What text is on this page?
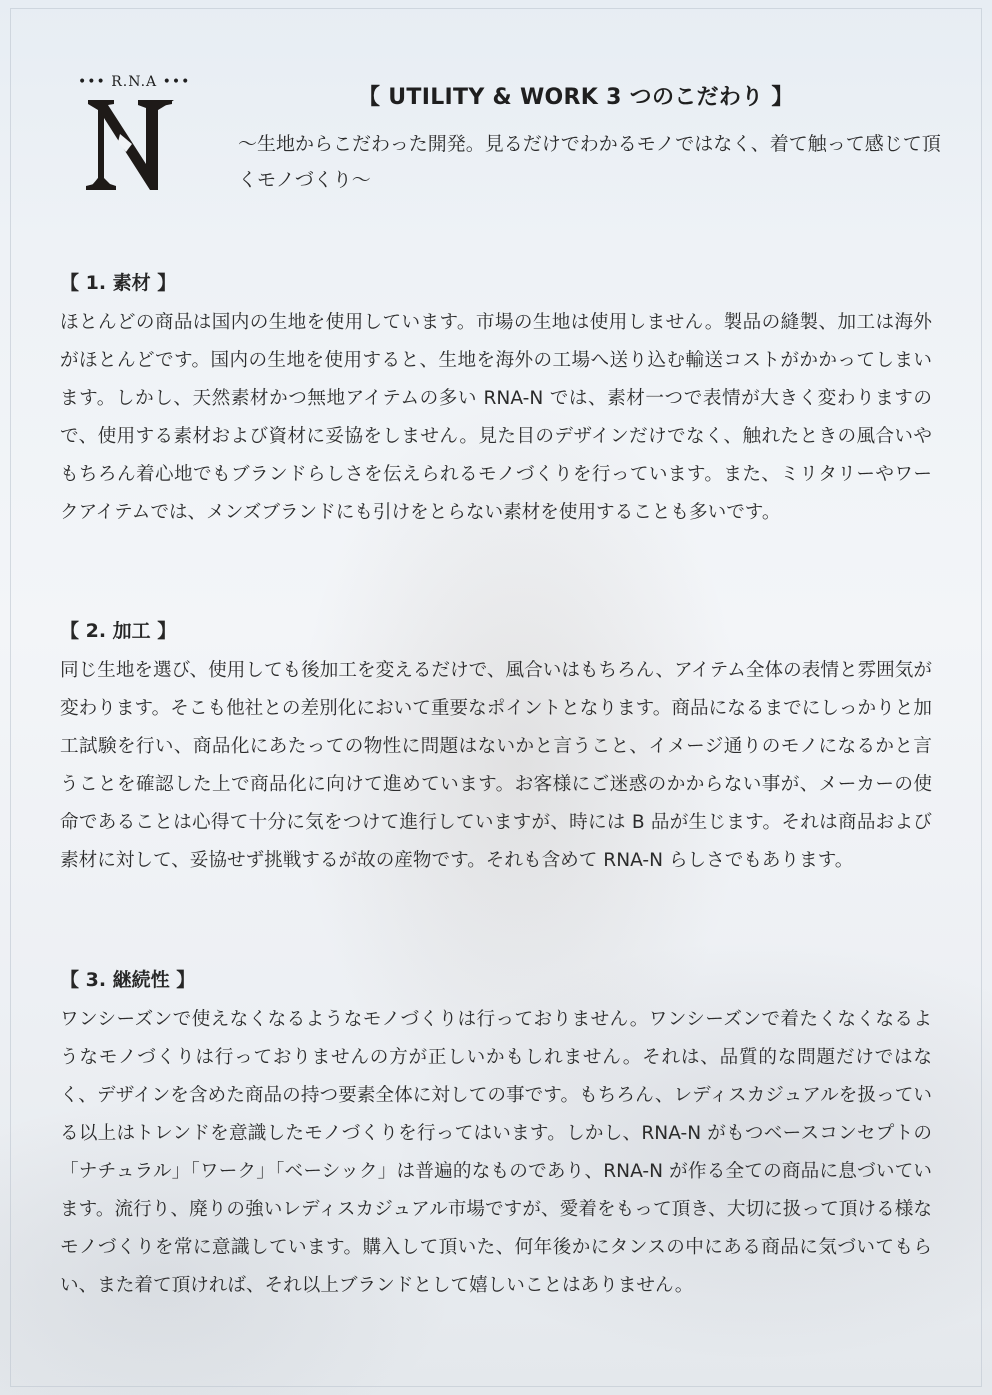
••• R.N.A •••
【 UTILITY & WORK 3 つのこだわり 】
〜生地からこだわった開発。見るだけでわかるモノではなく、着て触って感じて頂くモノづくり〜
【 1. 素材 】
ほとんどの商品は国内の生地を使用しています。市場の生地は使用しません。製品の縫製、加工は海外がほとんどです。国内の生地を使用すると、生地を海外の工場へ送り込む輸送コストがかかってしまいます。しかし、天然素材かつ無地アイテムの多い RNA-N では、素材一つで表情が大きく変わりますので、使用する素材および資材に妥協をしません。見た目のデザインだけでなく、触れたときの風合いやもちろん着心地でもブランドらしさを伝えられるモノづくりを行っています。また、ミリタリーやワークアイテムでは、メンズブランドにも引けをとらない素材を使用することも多いです。
【 2. 加工 】
同じ生地を選び、使用しても後加工を変えるだけで、風合いはもちろん、アイテム全体の表情と雰囲気が変わります。そこも他社との差別化において重要なポイントとなります。商品になるまでにしっかりと加工試験を行い、商品化にあたっての物性に問題はないかと言うこと、イメージ通りのモノになるかと言うことを確認した上で商品化に向けて進めています。お客様にご迷惑のかからない事が、メーカーの使命であることは心得て十分に気をつけて進行していますが、時には B 品が生じます。それは商品および素材に対して、妥協せず挑戦するが故の産物です。それも含めて RNA-N らしさでもあります。
【 3. 継続性 】
ワンシーズンで使えなくなるようなモノづくりは行っておりません。ワンシーズンで着たくなくなるようなモノづくりは行っておりませんの方が正しいかもしれません。それは、品質的な問題だけではなく、デザインを含めた商品の持つ要素全体に対しての事です。もちろん、レディスカジュアルを扱っている以上はトレンドを意識したモノづくりを行ってはいます。しかし、RNA-N がもつベースコンセプトの「ナチュラル」「ワーク」「ベーシック」は普遍的なものであり、RNA-N が作る全ての商品に息づいています。流行り、廃りの強いレディスカジュアル市場ですが、愛着をもって頂き、大切に扱って頂ける様なモノづくりを常に意識しています。購入して頂いた、何年後かにタンスの中にある商品に気づいてもらい、また着て頂ければ、それ以上ブランドとして嬉しいことはありません。
